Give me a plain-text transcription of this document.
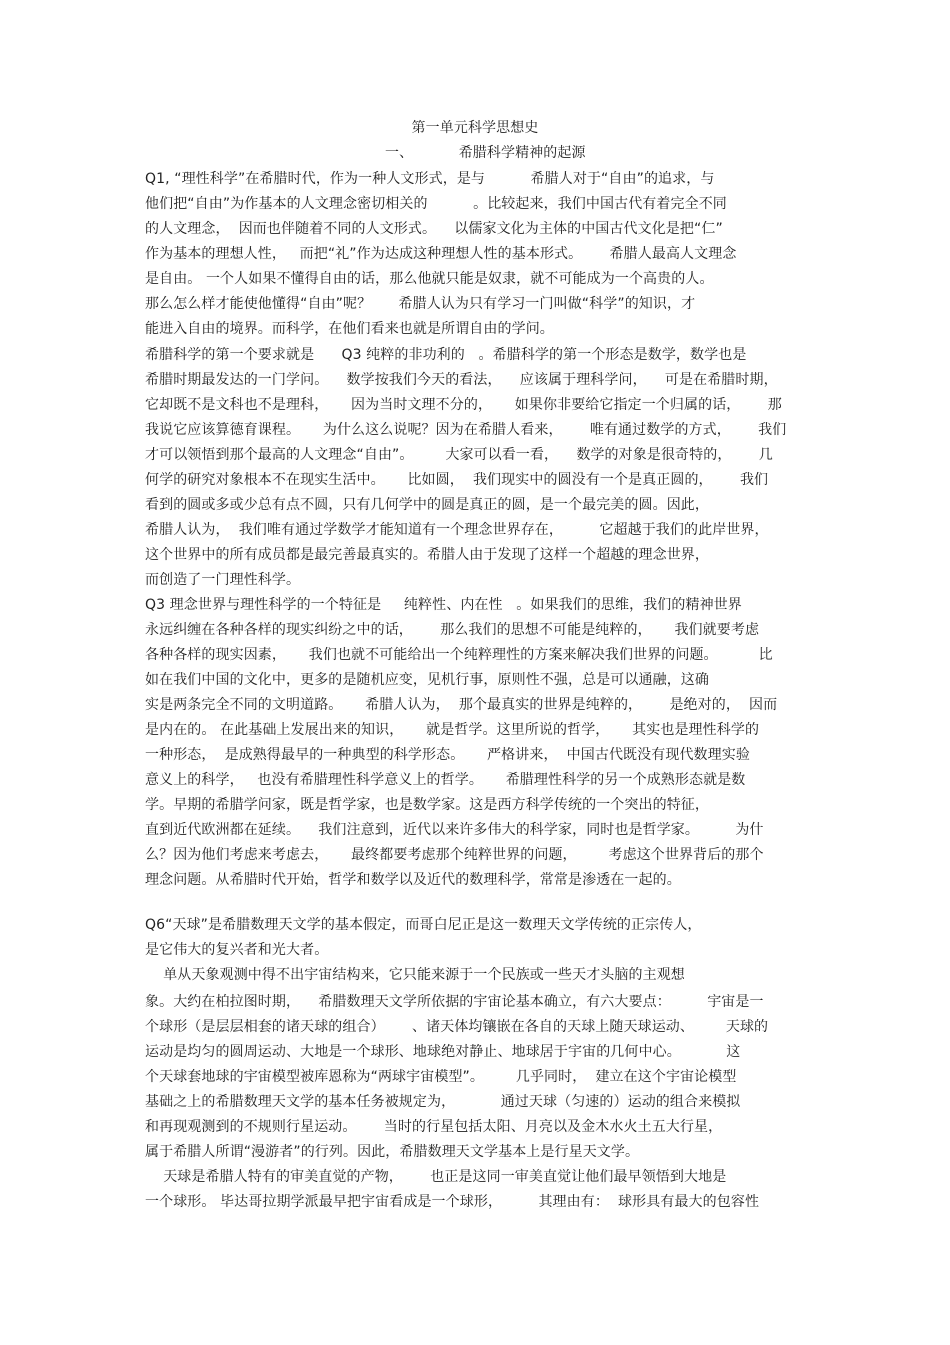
第一单元科学思想史
一、          希腊科学精神的起源
Q1, “理性科学”在希腊时代，作为一种人文形式，是与          希腊人对于“自由”的追求，与
他们把“自由”为作基本的人文理念密切相关的          。比较起来，我们中国古代有着完全不同
的人文理念，  因而也伴随着不同的人文形式。    以儒家文化为主体的中国古代文化是把“仁”
作为基本的理想人性，   而把“礼”作为达成这种理想人性的基本形式。      希腊人最高人文理念
是自由。 一个人如果不懂得自由的话，那么他就只能是奴隶，就不可能成为一个高贵的人。
那么怎么样才能使他懂得“自由”呢？      希腊人认为只有学习一门叫做“科学”的知识，才
能进入自由的境界。而科学，在他们看来也就是所谓自由的学问。
希腊科学的第一个要求就是      Q3 纯粹的非功利的   。希腊科学的第一个形态是数学，数学也是
希腊时期最发达的一门学问。    数学按我们今天的看法，    应该属于理科学问，    可是在希腊时期，
它却既不是文科也不是理科，     因为当时文理不分的，     如果你非要给它指定一个归属的话，      那
我说它应该算德育课程。     为什么这么说呢？因为在希腊人看来，      唯有通过数学的方式，      我们
才可以领悟到那个最高的人文理念“自由”。       大家可以看一看，    数学的对象是很奇特的，      几
何学的研究对象根本不在现实生活中。     比如圆，  我们现实中的圆没有一个是真正圆的，      我们
看到的圆或多或少总有点不圆，只有几何学中的圆是真正的圆，是一个最完美的圆。因此，
希腊人认为，  我们唯有通过学数学才能知道有一个理念世界存在，        它超越于我们的此岸世界，
这个世界中的所有成员都是最完善最真实的。希腊人由于发现了这样一个超越的理念世界，
而创造了一门理性科学。
Q3 理念世界与理性科学的一个特征是     纯粹性、内在性   。如果我们的思维，我们的精神世界
永远纠缠在各种各样的现实纠纷之中的话，      那么我们的思想不可能是纯粹的，     我们就要考虑
各种各样的现实因素，     我们也就不可能给出一个纯粹理性的方案来解决我们世界的问题。         比
如在我们中国的文化中，更多的是随机应变，见机行事，原则性不强，总是可以通融，这确
实是两条完全不同的文明道路。     希腊人认为，  那个最真实的世界是纯粹的，      是绝对的，  因而
是内在的。 在此基础上发展出来的知识，     就是哲学。这里所说的哲学，     其实也是理性科学的
一种形态，  是成熟得最早的一种典型的科学形态。     严格讲来，  中国古代既没有现代数理实验
意义上的科学，   也没有希腊理性科学意义上的哲学。     希腊理性科学的另一个成熟形态就是数
学。早期的希腊学问家，既是哲学家，也是数学家。这是西方科学传统的一个突出的特征，
直到近代欧洲都在延续。    我们注意到，近代以来许多伟大的科学家，同时也是哲学家。        为什
么？因为他们考虑来考虑去，     最终都要考虑那个纯粹世界的问题，       考虑这个世界背后的那个
理念问题。从希腊时代开始，哲学和数学以及近代的数理科学，常常是渗透在一起的。
Q6“天球”是希腊数理天文学的基本假定，而哥白尼正是这一数理天文学传统的正宗传人，
是它伟大的复兴者和光大者。
单从天象观测中得不出宇宙结构来，它只能来源于一个民族或一些天才头脑的主观想
象。大约在柏拉图时期，    希腊数理天文学所依据的宇宙论基本确立，有六大要点：        宇宙是一
个球形（是层层相套的诸天球的组合）      、诸天体均镶嵌在各自的天球上随天球运动、       天球的
运动是均匀的圆周运动、大地是一个球形、地球绝对静止、地球居于宇宙的几何中心。          这
个天球套地球的宇宙模型被库恩称为“两球宇宙模型”。       几乎同时，  建立在这个宇宙论模型
基础之上的希腊数理天文学的基本任务被规定为，          通过天球（匀速的）运动的组合来模拟
和再现观测到的不规则行星运动。      当时的行星包括太阳、月亮以及金木水火土五大行星，
属于希腊人所谓“漫游者”的行列。因此，希腊数理天文学基本上是行星天文学。
天球是希腊人特有的审美直觉的产物，      也正是这同一审美直觉让他们最早领悟到大地是
一个球形。 毕达哥拉期学派最早把宇宙看成是一个球形，        其理由有：  球形具有最大的包容性
